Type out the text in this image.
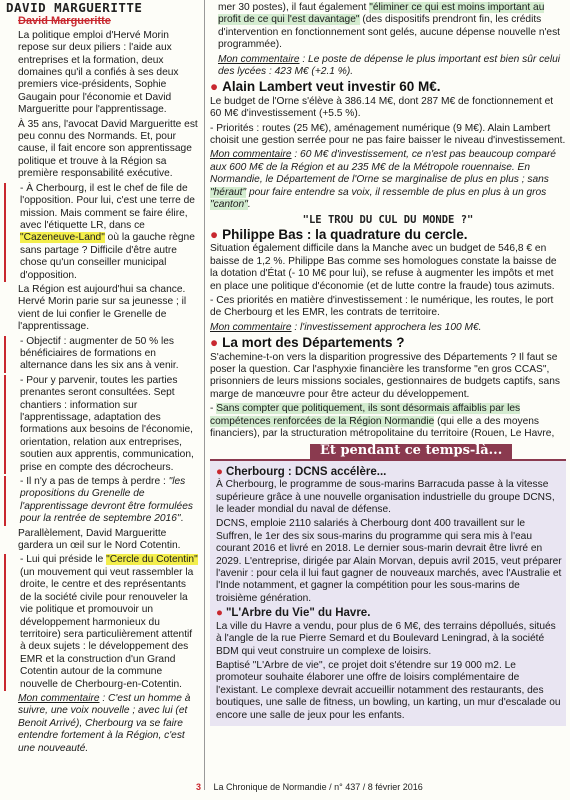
DAVID MARGUERITTE
David Margueritte

La politique emploi d'Hervé Morin repose sur deux piliers : l'aide aux entreprises et la formation, deux domaines qu'il a confiés à ses deux premiers vice-présidents, Sophie Gaugain pour l'économie et David Margueritte pour l'apprentissage.

À 35 ans, l'avocat David Margueritte est peu connu des Normands. Et, pour cause, il fait encore son apprentissage politique et trouve à la Région sa première responsabilité exécutive.

- À Cherbourg, il est le chef de file de l'opposition. Pour lui, c'est une terre de mission. Mais comment se faire élire, avec l'étiquette LR, dans ce "Cazeneuve-Land" où la gauche règne sans partage ? Difficile d'être autre chose qu'un conseiller municipal d'opposition.

La Région est aujourd'hui sa chance. Hervé Morin parie sur sa jeunesse ; il vient de lui confier le Grenelle de l'apprentissage.

- Objectif : augmenter de 50 % les bénéficiaires de formations en alternance dans les six ans à venir.

- Pour y parvenir, toutes les parties prenantes seront consultées. Sept chantiers : information sur l'apprentissage, adaptation des formations aux besoins de l'économie, orientation, relation aux entreprises, soutien aux apprentis, communication, prise en compte des décrocheurs.

- Il n'y a pas de temps à perdre : "les propositions du Grenelle de l'apprentissage devront être formulées pour la rentrée de septembre 2016".

Parallèlement, David Margueritte gardera un œil sur le Nord Cotentin.

- Lui qui préside le "Cercle du Cotentin" (un mouvement qui veut rassembler la droite, le centre et des représentants de la société civile pour renouveler la vie politique et promouvoir un développement harmonieux du territoire) sera particulièrement attentif à deux sujets : le développement des EMR et la construction d'un Grand Cotentin autour de la commune nouvelle de Cherbourg-en-Cotentin.

Mon commentaire : C'est un homme à suivre, une voix nouvelle ; avec lui (et Benoit Arrivé), Cherbourg va se faire entendre fortement à la Région, c'est une nouveauté.

mer 30 postes), il faut également "éliminer ce qui est moins important au profit de ce qui l'est davantage" (des dispositifs prendront fin, les crédits d'intervention en fonctionnement sont gelés, aucune dépense nouvelle n'est programmée).

Mon commentaire : Le poste de dépense le plus important est bien sûr celui des lycées : 423 M€ (+2.1 %).

● Alain Lambert veut investir 60 M€.

Le budget de l'Orne s'élève à 386.14 M€, dont 287 M€ de fonctionnement et 60 M€ d'investissement (+5.5 %).

- Priorités : routes (25 M€), aménagement numérique (9 M€). Alain Lambert choisit une gestion serrée pour ne pas faire baisser le niveau d'investissement.

Mon commentaire : 60 M€ d'investissement, ce n'est pas beaucoup comparé aux 600 M€ de la Région et au 235 M€ de la Métropole rouennaise. En Normandie, le Département de l'Orne se marginalise de plus en plus ; sans "héraut" pour faire entendre sa voix, il ressemble de plus en plus à un gros "canton".

"LE TROU DU CUL DU MONDE ?"
● Philippe Bas : la quadrature du cercle.

Situation également difficile dans la Manche avec un budget de 546,8 € en baisse de 1,2 %. Philippe Bas comme ses homologues constate la baisse de la dotation d'État (- 10 M€ pour lui), se refuse à augmenter les impôts et met en place une politique d'économie (et de lutte contre la fraude) tous azimuts.

- Ces priorités en matière d'investissement : le numérique, les routes, le port de Cherbourg et les EMR, les contrats de territoire.

Mon commentaire : l'investissement approchera les 100 M€.

● La mort des Départements ?

S'achemine-t-on vers la disparition progressive des Départements ? Il faut se poser la question. Car l'asphyxie financière les transforme "en gros CCAS", prisonniers de leurs missions sociales, gestionnaires de budgets captifs, sans marge de manœuvre pour être acteur du développement.

- Sans compter que politiquement, ils sont désormais affaiblis par les compétences renforcées de la Région Normandie (qui elle a des moyens financiers), par la structuration métropolitaine du territoire (Rouen, Le Havre,

Et pendant ce temps-là...
● Cherbourg : DCNS accélère...

À Cherbourg, le programme de sous-marins Barracuda passe à la vitesse supérieure grâce à une nouvelle organisation industrielle du groupe DCNS, le leader mondial du naval de défense.

DCNS, emploie 2110 salariés à Cherbourg dont 400 travaillent sur le Suffren, le 1er des six sous-marins du programme qui sera mis à l'eau courant 2016 et livré en 2018. Le dernier sous-marin devrait être livré en 2029. L'entreprise, dirigée par Alain Morvan, depuis avril 2015, veut préparer l'avenir : pour cela il lui faut gagner de nouveaux marchés, avec l'Australie et l'Inde notamment, et gagner la compétition pour les sous-marins de troisième génération.

● "L'Arbre du Vie" du Havre.

La ville du Havre a vendu, pour plus de 6 M€, des terrains dépollués, situés à l'angle de la rue Pierre Semard et du Boulevard Leningrad, à la société BDM qui veut construire un complexe de loisirs.

Baptisé "L'Arbre de vie", ce projet doit s'étendre sur 19 000 m2. Le promoteur souhaite élaborer une offre de loisirs complémentaire de l'existant. Le complexe devrait accueillir notamment des restaurants, des boutiques, une salle de fitness, un bowling, un karting, un mur d'escalade ou encore une salle de jeux pour les enfants.

3 La Chronique de Normandie / n° 437 / 8 février 2016
